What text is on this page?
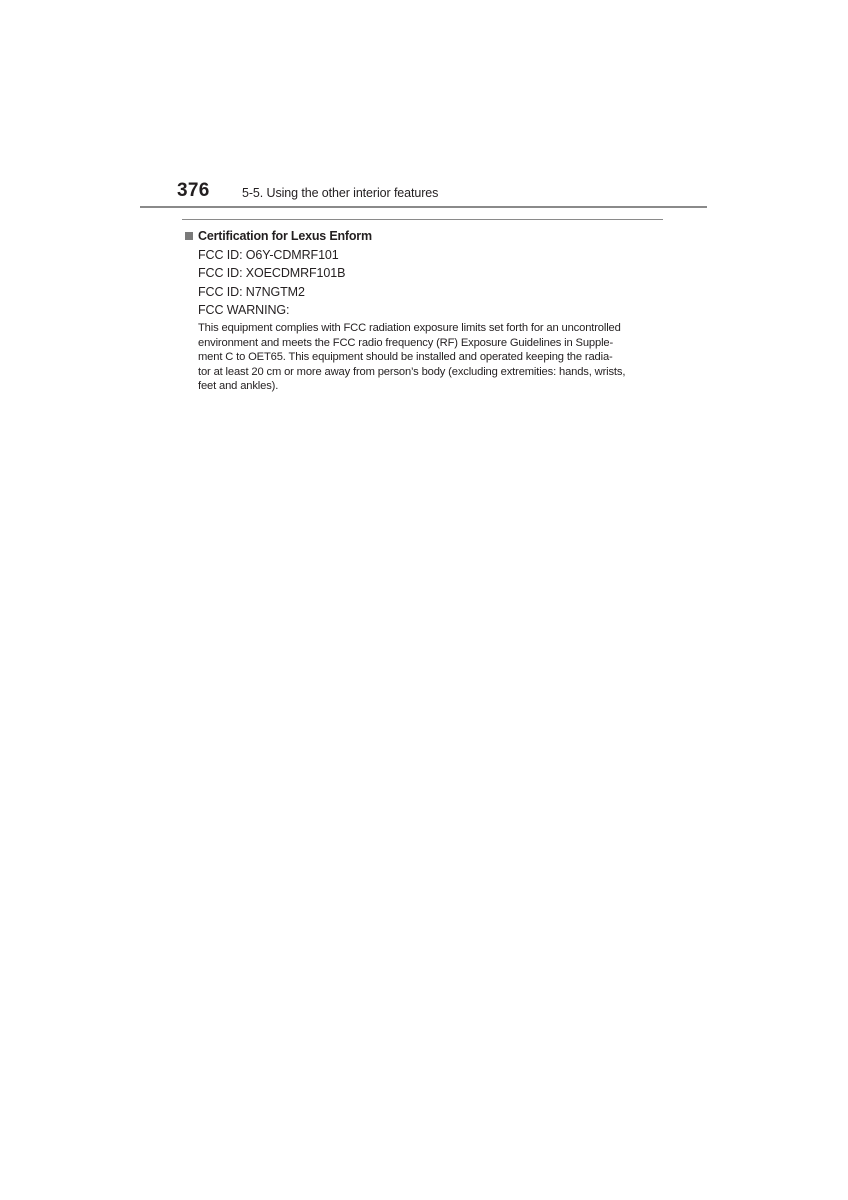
376	5-5. Using the other interior features
Certification for Lexus Enform
FCC ID: O6Y-CDMRF101
FCC ID: XOECDMRF101B
FCC ID: N7NGTM2
FCC WARNING:
This equipment complies with FCC radiation exposure limits set forth for an uncontrolled
environment and meets the FCC radio frequency (RF) Exposure Guidelines in Supple-
ment C to OET65. This equipment should be installed and operated keeping the radia-
tor at least 20 cm or more away from person’s body (excluding extremities: hands, wrists,
feet and ankles).
